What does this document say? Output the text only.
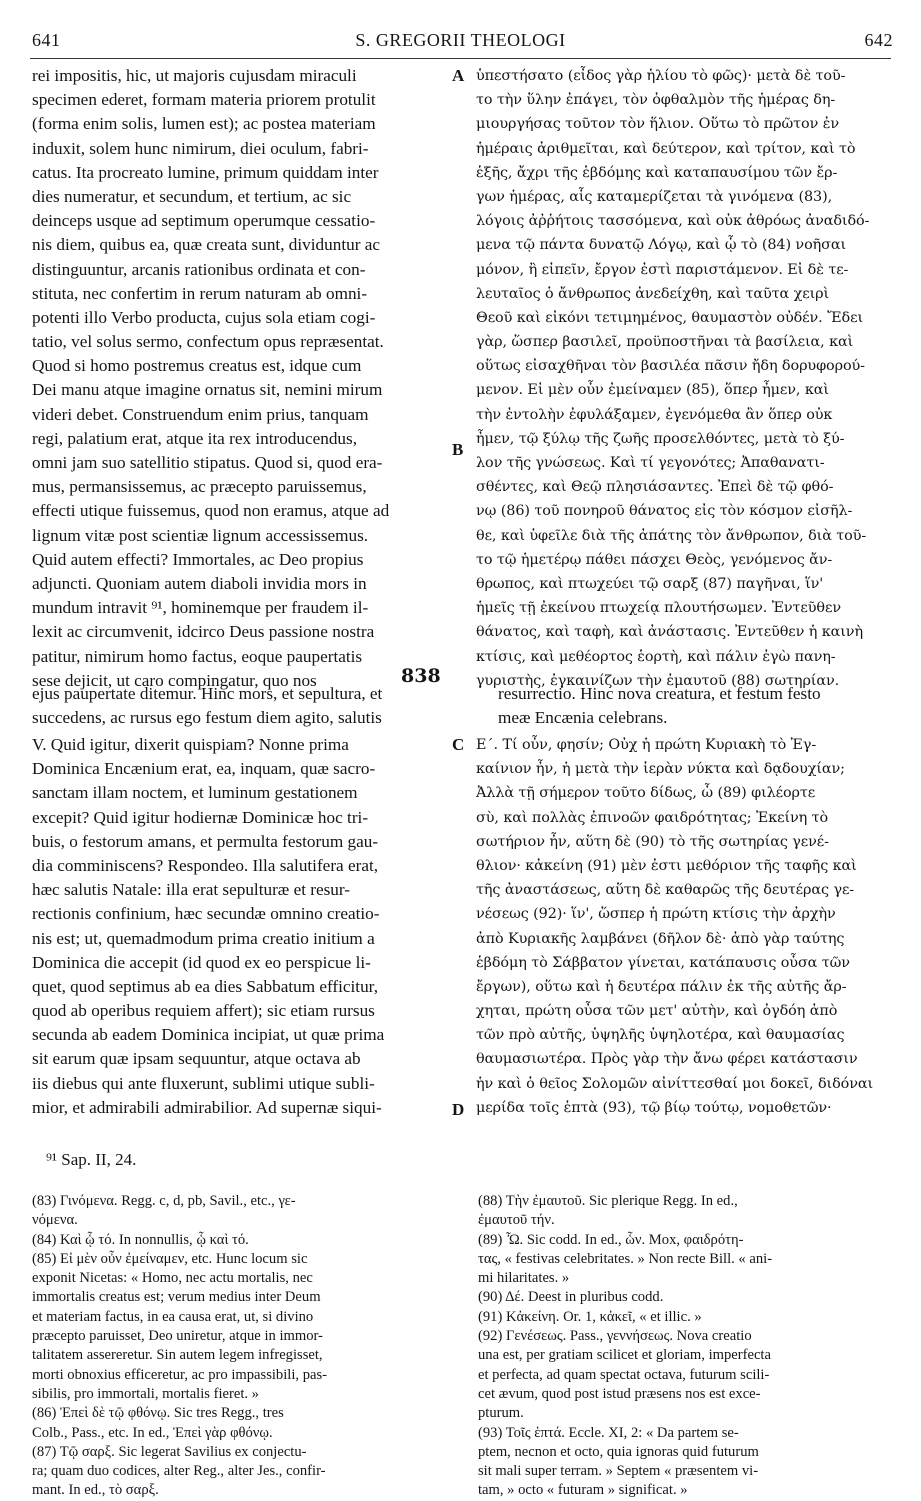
641	S. GREGORII THEOLOGI	642
rei impositis, hic, ut majoris cujusdam miraculi
specimen ederet, formam materia priorem protulit
(forma enim solis, lumen est); ac postea materiam
induxit, solem hunc nimirum, diei oculum, fabri-
catus. Ita procreato lumine, primum quiddam inter
dies numeratur, et secundum, et tertium, ac sic
deinceps usque ad septimum operumque cessatio-
nis diem, quibus ea, quæ creata sunt, dividuntur ac
distinguuntur, arcanis rationibus ordinata et con-
stituta, nec confertim in rerum naturam ab omni-
potenti illo Verbo producta, cujus sola etiam cogi-
tatio, vel solus sermo, confectum opus repræsentat.
Quod si homo postremus creatus est, idque cum
Dei manu atque imagine ornatus sit, nemini mirum
videri debet. Construendum enim prius, tanquam
regi, palatium erat, atque ita rex introducendus,
omni jam suo satellitio stipatus. Quod si, quod era-
mus, permansissemus, ac præcepto paruissemus,
effecti utique fuissemus, quod non eramus, atque ad
lignum vitæ post scientiæ lignum accessissemus.
Quid autem effecti? Immortales, ac Deo propius
adjuncti. Quoniam autem diaboli invidia mors in
mundum intravit ⁹¹, hominemque per fraudem il-
lexit ac circumvenit, idcirco Deus passione nostra
patitur, nimirum homo factus, eoque paupertatis
sese dejicit, ut caro compingatur, quo nos
ὑπεστήσατο (εἶδος γὰρ ἡλίου τὸ φῶς)· μετὰ δὲ τοῦ-
το τὴν ὕλην ἐπάγει, τὸν ὀφθαλμὸν τῆς ἡμέρας δη-
μιουργήσας τοῦτον τὸν ἥλιον. Οὕτω τὸ πρῶτον ἐν
ἡμέραις ἀριθμεῖται, καὶ δεύτερον, καὶ τρίτον, καὶ τὸ
ἑξῆς, ἄχρι τῆς ἑβδόμης καὶ καταπαυσίμου τῶν ἔρ-
γων ἡμέρας, αἷς καταμερίζεται τὰ γινόμενα (83),
λόγοις ἀῤῥήτοις τασσόμενα, καὶ οὐκ ἀθρόως ἀναδιδό-
μενα τῷ πάντα δυνατῷ Λόγῳ, καὶ ᾧ τὸ (84) νοῆσαι
μόνον, ἢ εἰπεῖν, ἔργον ἐστὶ παριστάμενον. Εἰ δὲ τε-
λευταῖος ὁ ἄνθρωπος ἀνεδείχθη, καὶ ταῦτα χειρὶ
Θεοῦ καὶ εἰκόνι τετιμημένος, θαυμαστὸν οὐδέν. Ἔδει
γὰρ, ὥσπερ βασιλεῖ, προϋποστῆναι τὰ βασίλεια, καὶ
οὕτως εἰσαχθῆναι τὸν βασιλέα πᾶσιν ἤδη δορυφορού-
μενον. Εἰ μὲν οὖν ἐμείναμεν (85), ὅπερ ἦμεν, καὶ
τὴν ἐντολὴν ἐφυλάξαμεν, ἐγενόμεθα ἂν ὅπερ οὐκ
ἦμεν, τῷ ξύλῳ τῆς ζωῆς προσελθόντες, μετὰ τὸ ξύ-
λον τῆς γνώσεως. Καὶ τί γεγονότες; Ἀπαθανατι-
σθέντες, καὶ Θεῷ πλησιάσαντες. Ἐπεὶ δὲ τῷ φθό-
νῳ (86) τοῦ πονηροῦ θάνατος εἰς τὸν κόσμον εἰσῆλ-
θε, καὶ ὑφεῖλε διὰ τῆς ἀπάτης τὸν ἄνθρωπον, διὰ τοῦ-
το τῷ ἡμετέρῳ πάθει πάσχει Θεὸς, γενόμενος ἄν-
θρωπος, καὶ πτωχεύει τῷ σαρξ (87) παγῆναι, ἵν'
ἡμεῖς τῇ ἐκείνου πτωχείᾳ πλουτήσωμεν. Ἐντεῦθεν
θάνατος, καὶ ταφὴ, καὶ ἀνάστασις. Ἐντεῦθεν ἡ καινὴ
κτίσις, καὶ μεθέορτος ἑορτὴ, καὶ πάλιν ἐγὼ πανη-
γυριστὴς, ἐγκαινίζων τὴν ἐμαυτοῦ (88) σωτηρίαν.
838
ejus paupertate ditemur. Hinc mors, et sepultura, et	resurrectio. Hinc nova creatura, et festum festo
succedens, ac rursus ego festum diem agito, salutis	meæ Encænia celebrans.
V. Quid igitur, dixerit quispiam? Nonne prima
Dominica Encænium erat, ea, inquam, quæ sacro-
sanctam illam noctem, et luminum gestationem
excepit? Quid igitur hodiernæ Dominicæ hoc tri-
buis, o festorum amans, et permulta festorum gau-
dia comminiscens? Respondeo. Illa salutifera erat,
hæc salutis Natale: illa erat sepulturæ et resur-
rectionis confinium, hæc secundæ omnino creatio-
nis est; ut, quemadmodum prima creatio initium a
Dominica die accepit (id quod ex eo perspicue li-
quet, quod septimus ab ea dies Sabbatum efficitur,
quod ab operibus requiem affert); sic etiam rursus
secunda ab eadem Dominica incipiat, ut quæ prima
sit earum quæ ipsam sequuntur, atque octava ab
iis diebus qui ante fluxerunt, sublimi utique subli-
mior, et admirabili admirabilior. Ad supernæ siqui-
Ε΄. Τί οὖν, φησίν; Οὐχ ἡ πρώτη Κυριακὴ τὸ Ἐγ-
καίνιον ἦν, ἡ μετὰ τὴν ἱερὰν νύκτα καὶ δᾳδουχίαν;
Ἀλλὰ τῇ σήμερον τοῦτο δίδως, ὦ (89) φιλέορτε
σὺ, καὶ πολλὰς ἐπινοῶν φαιδρότητας; Ἐκείνη τὸ
σωτήριον ἦν, αὕτη δὲ (90) τὸ τῆς σωτηρίας γενέ-
θλιον· κἀκείνη (91) μὲν ἐστι μεθόριον τῆς ταφῆς καὶ
τῆς ἀναστάσεως, αὕτη δὲ καθαρῶς τῆς δευτέρας γε-
νέσεως (92)· ἵν', ὥσπερ ἡ πρώτη κτίσις τὴν ἀρχὴν
ἀπὸ Κυριακῆς λαμβάνει (δῆλον δὲ· ἀπὸ γὰρ ταύτης
ἑβδόμη τὸ Σάββατον γίνεται, κατάπαυσις οὖσα τῶν
ἔργων), οὕτω καὶ ἡ δευτέρα πάλιν ἐκ τῆς αὐτῆς ἄρ-
χηται, πρώτη οὖσα τῶν μετ' αὐτὴν, καὶ ὀγδόη ἀπὸ
τῶν πρὸ αὐτῆς, ὑψηλῆς ὑψηλοτέρα, καὶ θαυμασίας
θαυμασιωτέρα. Πρὸς γὰρ τὴν ἄνω φέρει κατάστασιν
ἡν καὶ ὁ θεῖος Σολομῶν αἰνίττεσθαί μοι δοκεῖ, διδόναι
μερίδα τοῖς ἑπτὰ (93), τῷ βίῳ τούτῳ, νομοθετῶν·
A
B
C
D
⁹¹ Sap. II, 24.
(83) Γινόμενα. Regg. c, d, pb, Savil., etc., γε-
νόμενα.
(84) Καὶ ᾧ τό. In nonnullis, ᾧ καὶ τό.
(85) Εἰ μὲν οὖν ἐμείναμεν, etc. Hunc locum sic
exponit Nicetas: « Homo, nec actu mortalis, nec
immortalis creatus est; verum medius inter Deum
et materiam factus, in ea causa erat, ut, si divino
præcepto paruisset, Deo uniretur, atque in immor-
talitatem assereretur. Sin autem legem infregisset,
morti obnoxius efficeretur, ac pro impassibili, pas-
sibilis, pro immortali, mortalis fieret. »
(86) Ἐπεὶ δὲ τῷ φθόνῳ. Sic tres Regg., tres
Colb., Pass., etc. In ed., Ἐπεὶ γὰρ φθόνῳ.
(87) Τῷ σαρξ. Sic legerat Savilius ex conjectu-
ra; quam duo codices, alter Reg., alter Jes., confir-
mant. In ed., τὸ σαρξ.
(88) Τὴν ἐμαυτοῦ. Sic plerique Regg. In ed.,
ἐμαυτοῦ τήν.
(89) Ὦ. Sic codd. In ed., ὧν. Mox, φαιδρότη-
τας, « festivas celebritates. » Non recte Bill. « ani-
mi hilaritates. »
(90) Δέ. Deest in pluribus codd.
(91) Κἀκείνη. Or. 1, κἀκεῖ, « et illic. »
(92) Γενέσεως. Pass., γεννήσεως. Nova creatio
una est, per gratiam scilicet et gloriam, imperfecta
et perfecta, ad quam spectat octava, futurum scili-
cet ævum, quod post istud præsens nos est exce-
pturum.
(93) Τοῖς ἑπτά. Eccle. XI, 2: « Da partem se-
ptem, necnon et octo, quia ignoras quid futurum
sit mali super terram. » Septem « præsentem vi-
tam, » octo « futuram » significat. »
